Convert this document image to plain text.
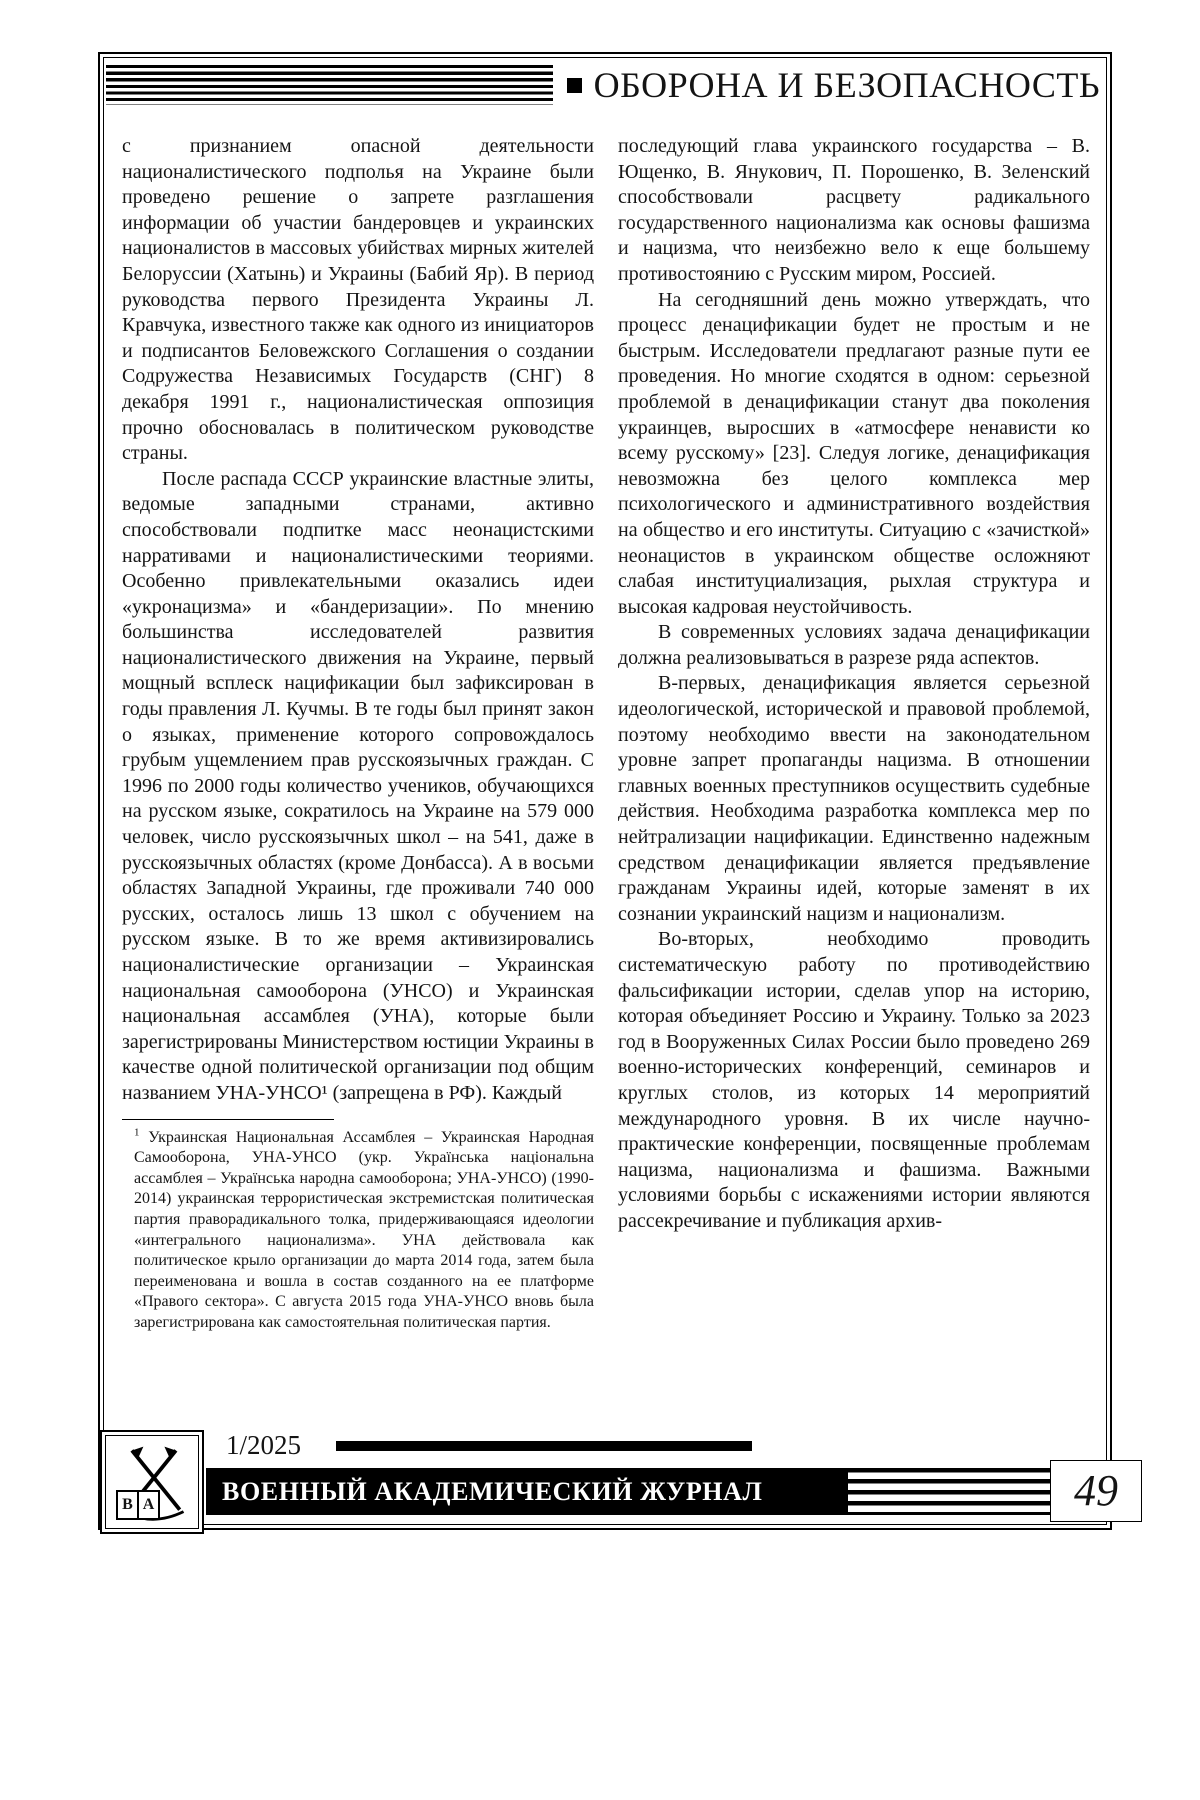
ОБОРОНА И БЕЗОПАСНОСТЬ

с признанием опасной деятельности националистического подполья на Украине были проведено решение о запрете разглашения информации об участии бандеровцев и украинских националистов в массовых убийствах мирных жителей Белоруссии (Хатынь) и Украины (Бабий Яр). В период руководства первого Президента Украины Л. Кравчука, известного также как одного из инициаторов и подписантов Беловежского Соглашения о создании Содружества Независимых Государств (СНГ) 8 декабря 1991 г., националистическая оппозиция прочно обосновалась в политическом руководстве страны.

После распада СССР украинские властные элиты, ведомые западными странами, активно способствовали подпитке масс неонацистскими нарративами и националистическими теориями. Особенно привлекательными оказались идеи «укронацизма» и «бандеризации». По мнению большинства исследователей развития националистического движения на Украине, первый мощный всплеск нацификации был зафиксирован в годы правления Л. Кучмы. В те годы был принят закон о языках, применение которого сопровождалось грубым ущемлением прав русскоязычных граждан. С 1996 по 2000 годы количество учеников, обучающихся на русском языке, сократилось на Украине на 579 000 человек, число русскоязычных школ – на 541, даже в русскоязычных областях (кроме Донбасса). А в восьми областях Западной Украины, где проживали 740 000 русских, осталось лишь 13 школ с обучением на русском языке. В то же время активизировались националистические организации – Украинская национальная самооборона (УНСО) и Украинская национальная ассамблея (УНА), которые были зарегистрированы Министерством юстиции Украины в качестве одной политической организации под общим названием УНА-УНСО¹ (запрещена в РФ). Каждый

$^1$ Украинская Национальная Ассамблея – Украинская Народная Самооборона, УНА-УНСО (укр. Українська національна ассамблея – Українська народна самооборона; УНА-УНСО) (1990-2014) украинская террористическая экстремистская политическая партия праворадикального толка, придерживающаяся идеологии «интегрального национализма». УНА действовала как политическое крыло организации до марта 2014 года, затем была переименована и вошла в состав созданного на ее платформе «Правого сектора». С августа 2015 года УНА-УНСО вновь была зарегистрирована как самостоятельная политическая партия.

последующий глава украинского государства – В. Ющенко, В. Янукович, П. Порошенко, В. Зеленский способствовали расцвету радикального государственного национализма как основы фашизма и нацизма, что неизбежно вело к еще большему противостоянию с Русским миром, Россией.

На сегодняшний день можно утверждать, что процесс денацификации будет не простым и не быстрым. Исследователи предлагают разные пути ее проведения. Но многие сходятся в одном: серьезной проблемой в денацификации станут два поколения украинцев, выросших в «атмосфере ненависти ко всему русскому» [23]. Следуя логике, денацификация невозможна без целого комплекса мер психологического и административного воздействия на общество и его институты. Ситуацию с «зачисткой» неонацистов в украинском обществе осложняют слабая институциализация, рыхлая структура и высокая кадровая неустойчивость.

В современных условиях задача денацификации должна реализовываться в разрезе ряда аспектов.

В-первых, денацификация является серьезной идеологической, исторической и правовой проблемой, поэтому необходимо ввести на законодательном уровне запрет пропаганды нацизма. В отношении главных военных преступников осуществить судебные действия. Необходима разработка комплекса мер по нейтрализации нацификации. Единственно надежным средством денацификации является предъявление гражданам Украины идей, которые заменят в их сознании украинский нацизм и национализм.

Во-вторых, необходимо проводить систематическую работу по противодействию фальсификации истории, сделав упор на историю, которая объединяет Россию и Украину. Только за 2023 год в Вооруженных Силах России было проведено 269 военно-исторических конференций, семинаров и круглых столов, из которых 14 мероприятий международного уровня. В их числе научно-практические конференции, посвященные проблемам нацизма, национализма и фашизма. Важными условиями борьбы с искажениями истории являются рассекречивание и публикация архив-

В А
1/2025
ВОЕННЫЙ АКАДЕМИЧЕСКИЙ ЖУРНАЛ	49
